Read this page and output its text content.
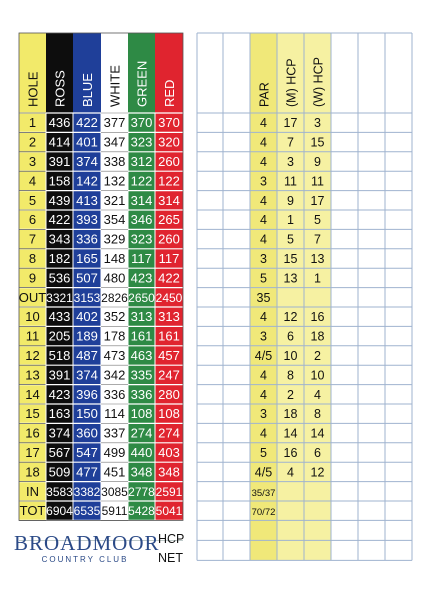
HOLE ROSS BLUE WHITE GREEN RED
1 436 422 377 370 370
2 414 401 347 323 320
3 391 374 338 312 260
4 158 142 132 122 122
5 439 413 321 314 314
6 422 393 354 346 265
7 343 336 329 323 260
8 182 165 148 117 117
9 536 507 480 423 422
OUT 3321 3153 2826 2650 2450
10 433 402 352 313 313
11 205 189 178 161 161
12 518 487 473 463 457
13 391 374 342 335 247
14 423 396 336 336 280
15 163 150 114 108 108
16 374 360 337 274 274
17 567 547 499 440 403
18 509 477 451 348 348
IN 3583 3382 3085 2778 2591
TOT 6904 6535 5911 5428 5041
PAR (M) HCP (W) HCP
4 17 3
4 7 15
4 3 9
3 11 11
4 9 17
4 1 5
4 5 7
3 15 13
5 13 1
35
4 12 16
3 6 18
4/5 10 2
4 8 10
4 2 4
3 18 8
4 14 14
5 16 6
4/5 4 12
35/37
70/72
BROADMOOR
COUNTRY CLUB
HCP
NET
